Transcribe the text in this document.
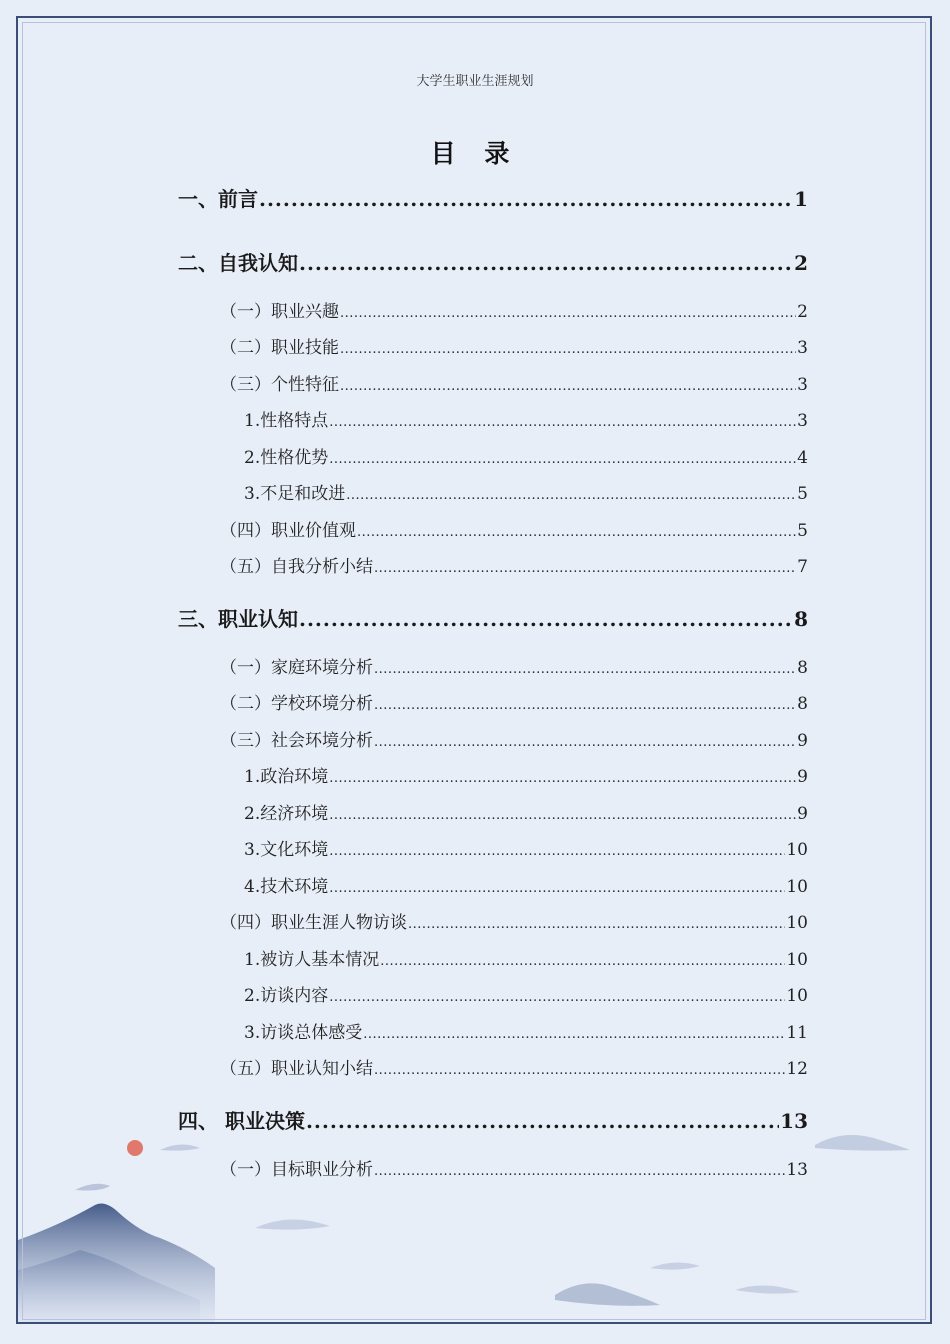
大学生职业生涯规划
目 录
一、前言 .....	1
二、自我认知 .....	2
（一）职业兴趣 .....	2
（二）职业技能 .....	3
（三）个性特征 .....	3
1.性格特点 .....	3
2.性格优势 .....	4
3.不足和改进 .....	5
（四）职业价值观 .....	5
（五）自我分析小结 .....	7
三、职业认知 .....	8
（一）家庭环境分析 .....	8
（二）学校环境分析 .....	8
（三）社会环境分析 .....	9
1.政治环境 .....	9
2.经济环境 .....	9
3.文化环境 .....	10
4.技术环境 .....	10
（四）职业生涯人物访谈 .....	10
1.被访人基本情况 .....	10
2.访谈内容 .....	10
3.访谈总体感受 .....	11
（五）职业认知小结 .....	12
四、 职业决策 .....	13
（一）目标职业分析 .....	13
